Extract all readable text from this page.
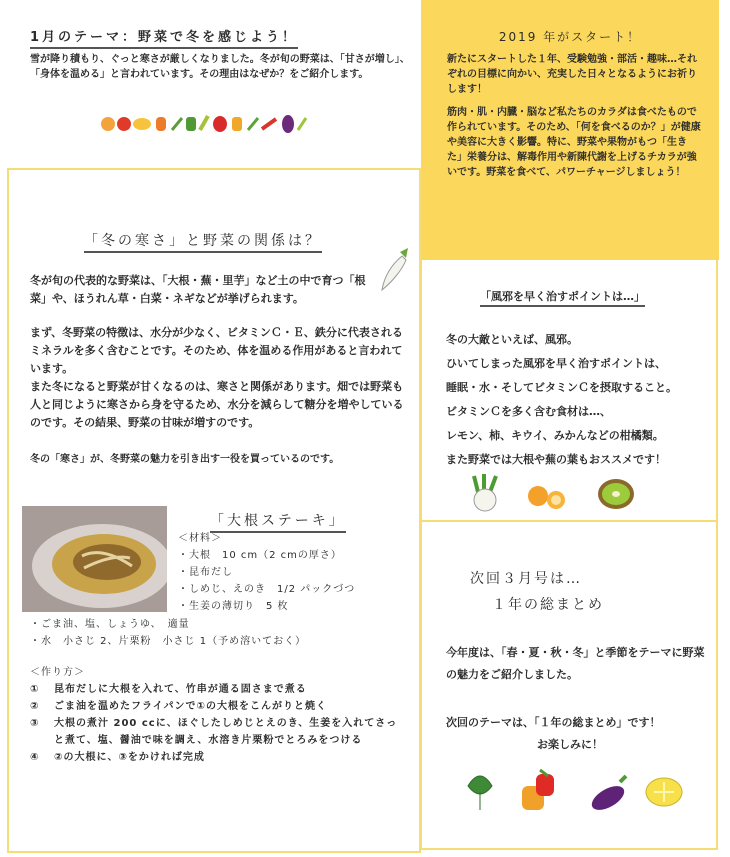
1月のテーマ：野菜で冬を感じよう！
雪が降り積もり、ぐっと寒さが厳しくなりました。冬が旬の野菜は、「甘さが増し」、「身体を温める」と言われています。その理由はなぜか？をご紹介します。
2019 年がスタート！
新たにスタートした１年、受験勉強・部活・趣味…それぞれの目標に向かい、充実した日々となるようにお祈りします！
筋肉・肌・内臓・脳など私たちのカラダは食べたもので作られています。そのため、「何を食べるのか？」が健康や美容に大きく影響。特に、野菜や果物がもつ「生きた」栄養分は、解毒作用や新陳代謝を上げるチカラが強いです。野菜を食べて、パワーチャージしましょう！
「冬の寒さ」と野菜の関係は？
冬が旬の代表的な野菜は、「大根・蕪・里芋」など土の中で育つ「根菜」や、ほうれん草・白菜・ネギなどが挙げられます。
まず、冬野菜の特徴は、水分が少なく、ビタミンＣ・Ｅ、鉄分に代表されるミネラルを多く含むことです。そのため、体を温める作用があると言われています。
また冬になると野菜が甘くなるのは、寒さと関係があります。畑では野菜も人と同じように寒さから身を守るため、水分を減らして糖分を増やしているのです。その結果、野菜の甘味が増すのです。
冬の「寒さ」が、冬野菜の魅力を引き出す一役を買っているのです。
「大根ステーキ」
＜材料＞
・大根　10 cm（2 cmの厚さ）
・昆布だし
・しめじ、えのき　1/2 パックづつ
・生姜の薄切り　5 枚
・ごま油、塩、しょうゆ、　適量
・水　小さじ 2、片栗粉　小さじ 1（予め溶いておく）
＜作り方＞
①	昆布だしに大根を入れて、竹串が通る固さまで煮る
②	ごま油を温めたフライパンで①の大根をこんがりと焼く
③	大根の煮汁 200 ccに、ほぐしたしめじとえのき、生姜を入れてさっと煮て、塩、醤油で味を調え、水溶き片栗粉でとろみをつける
④	②の大根に、③をかければ完成
「風邪を早く治すポイントは…」
冬の大敵といえば、風邪。
ひいてしまった風邪を早く治すポイントは、
睡眠・水・そしてビタミンＣを摂取すること。
ビタミンＣを多く含む食材は…、
レモン、柿、キウイ、みかんなどの柑橘類。
また野菜では大根や蕪の葉もおススメです！
次回３月号は…
１年の総まとめ
今年度は、「春・夏・秋・冬」と季節をテーマに野菜の魅力をご紹介しました。
次回のテーマは、「１年の総まとめ」です！
お楽しみに！
